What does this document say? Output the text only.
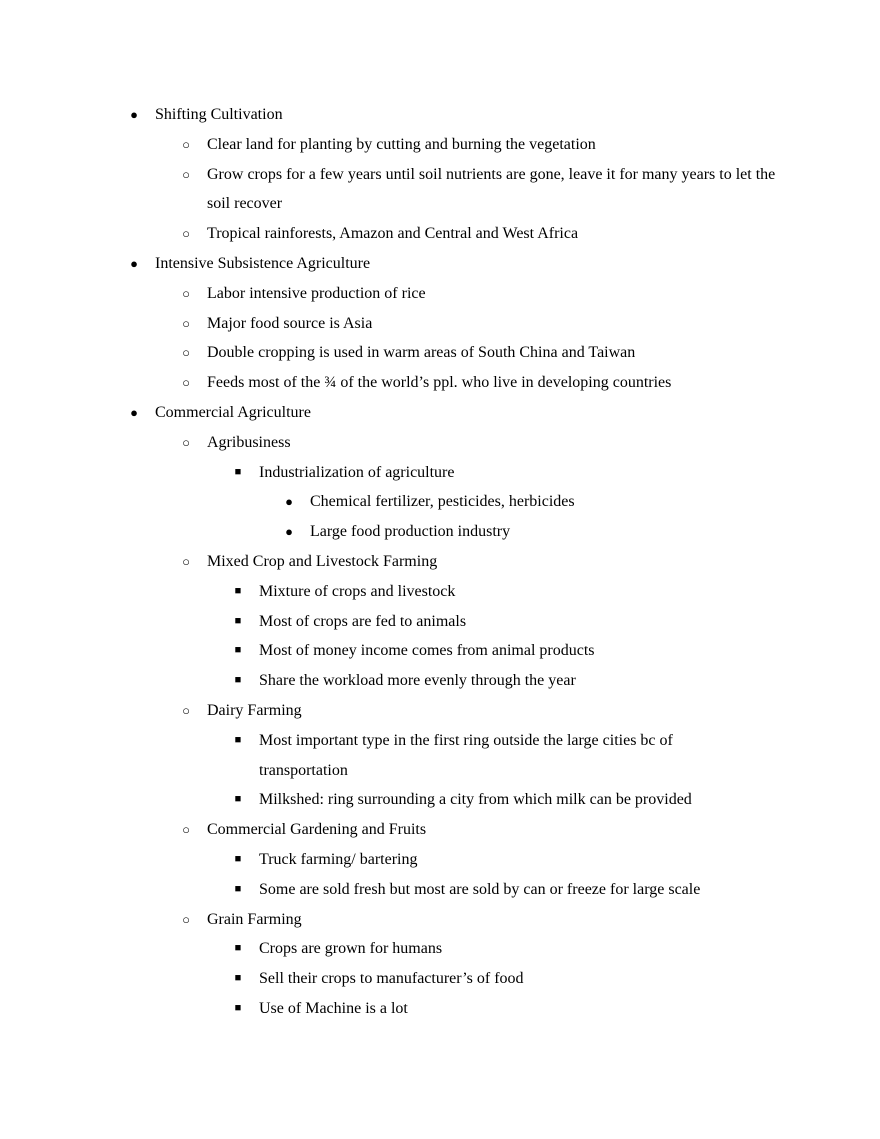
●	Shifting Cultivation
○	Clear land for planting by cutting and burning the vegetation
○	Grow crops for a few years until soil nutrients are gone, leave it for many years to let the soil recover
○	Tropical rainforests, Amazon and Central and West Africa
●	Intensive Subsistence Agriculture
○	Labor intensive production of rice
○	Major food source is Asia
○	Double cropping is used in warm areas of South China and Taiwan
○	Feeds most of the ¾ of the world’s ppl. who live in developing countries
●	Commercial Agriculture
○	Agribusiness
■	Industrialization of agriculture
●	Chemical fertilizer, pesticides, herbicides
●	Large food production industry
○	Mixed Crop and Livestock Farming
■	Mixture of crops and livestock
■	Most of crops are fed to animals
■	Most of money income comes from animal products
■	Share the workload more evenly through the year
○	Dairy Farming
■	Most important type in the first ring outside the large cities bc of transportation
■	Milkshed: ring surrounding a city from which milk can be provided
○	Commercial Gardening and Fruits
■	Truck farming/ bartering
■	Some are sold fresh but most are sold by can or freeze for large scale
○	Grain Farming
■	Crops are grown for humans
■	Sell their crops to manufacturer’s of food
■	Use of Machine is a lot
